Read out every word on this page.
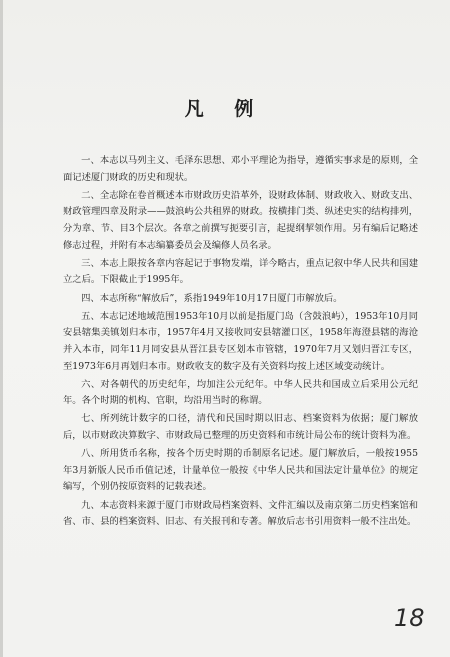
凡 例

一、本志以马列主义、毛泽东思想、邓小平理论为指导，遵循实事求是的原则，全面记述厦门财政的历史和现状。

二、全志除在卷首概述本市财政历史沿革外，设财政体制、财政收入、财政支出、财政管理四章及附录——鼓浪屿公共租界的财政。按横排门类、纵述史实的结构排列，分为章、节、目3个层次。各章之前撰写扼要引言，起提纲挈领作用。另有编后记略述修志过程，并附有本志编纂委员会及编修人员名录。

三、本志上限按各章内容起记于事物发端，详今略古，重点记叙中华人民共和国建立之后。下限截止于1995年。

四、本志所称“解放后”，系指1949年10月17日厦门市解放后。

五、本志记述地域范围1953年10月以前是指厦门岛（含鼓浪屿），1953年10月同安县辖集美镇划归本市，1957年4月又接收同安县辖灌口区，1958年海澄县辖的海沧并入本市，同年11月同安县从晋江县专区划本市管辖，1970年7月又划归晋江专区，至1973年6月再划归本市。财政收支的数字及有关资料均按上述区域变动统计。

六、对各朝代的历史纪年，均加注公元纪年。中华人民共和国成立后采用公元纪年。各个时期的机构、官职，均沿用当时的称谓。

七、所列统计数字的口径，清代和民国时期以旧志、档案资料为依据；厦门解放后，以市财政决算数字、市财政局已整理的历史资料和市统计局公布的统计资料为准。

八、所用货币名称，按各个历史时期的币制原名记述。厦门解放后，一般按1955年3月新版人民币币值记述，计量单位一般按《中华人民共和国法定计量单位》的规定编写，个别仍按原资料的记载表述。

九、本志资料来源于厦门市财政局档案资料、文件汇编以及南京第二历史档案馆和省、市、县的档案资料、旧志、有关报刊和专著。解放后志书引用资料一般不注出处。

18
